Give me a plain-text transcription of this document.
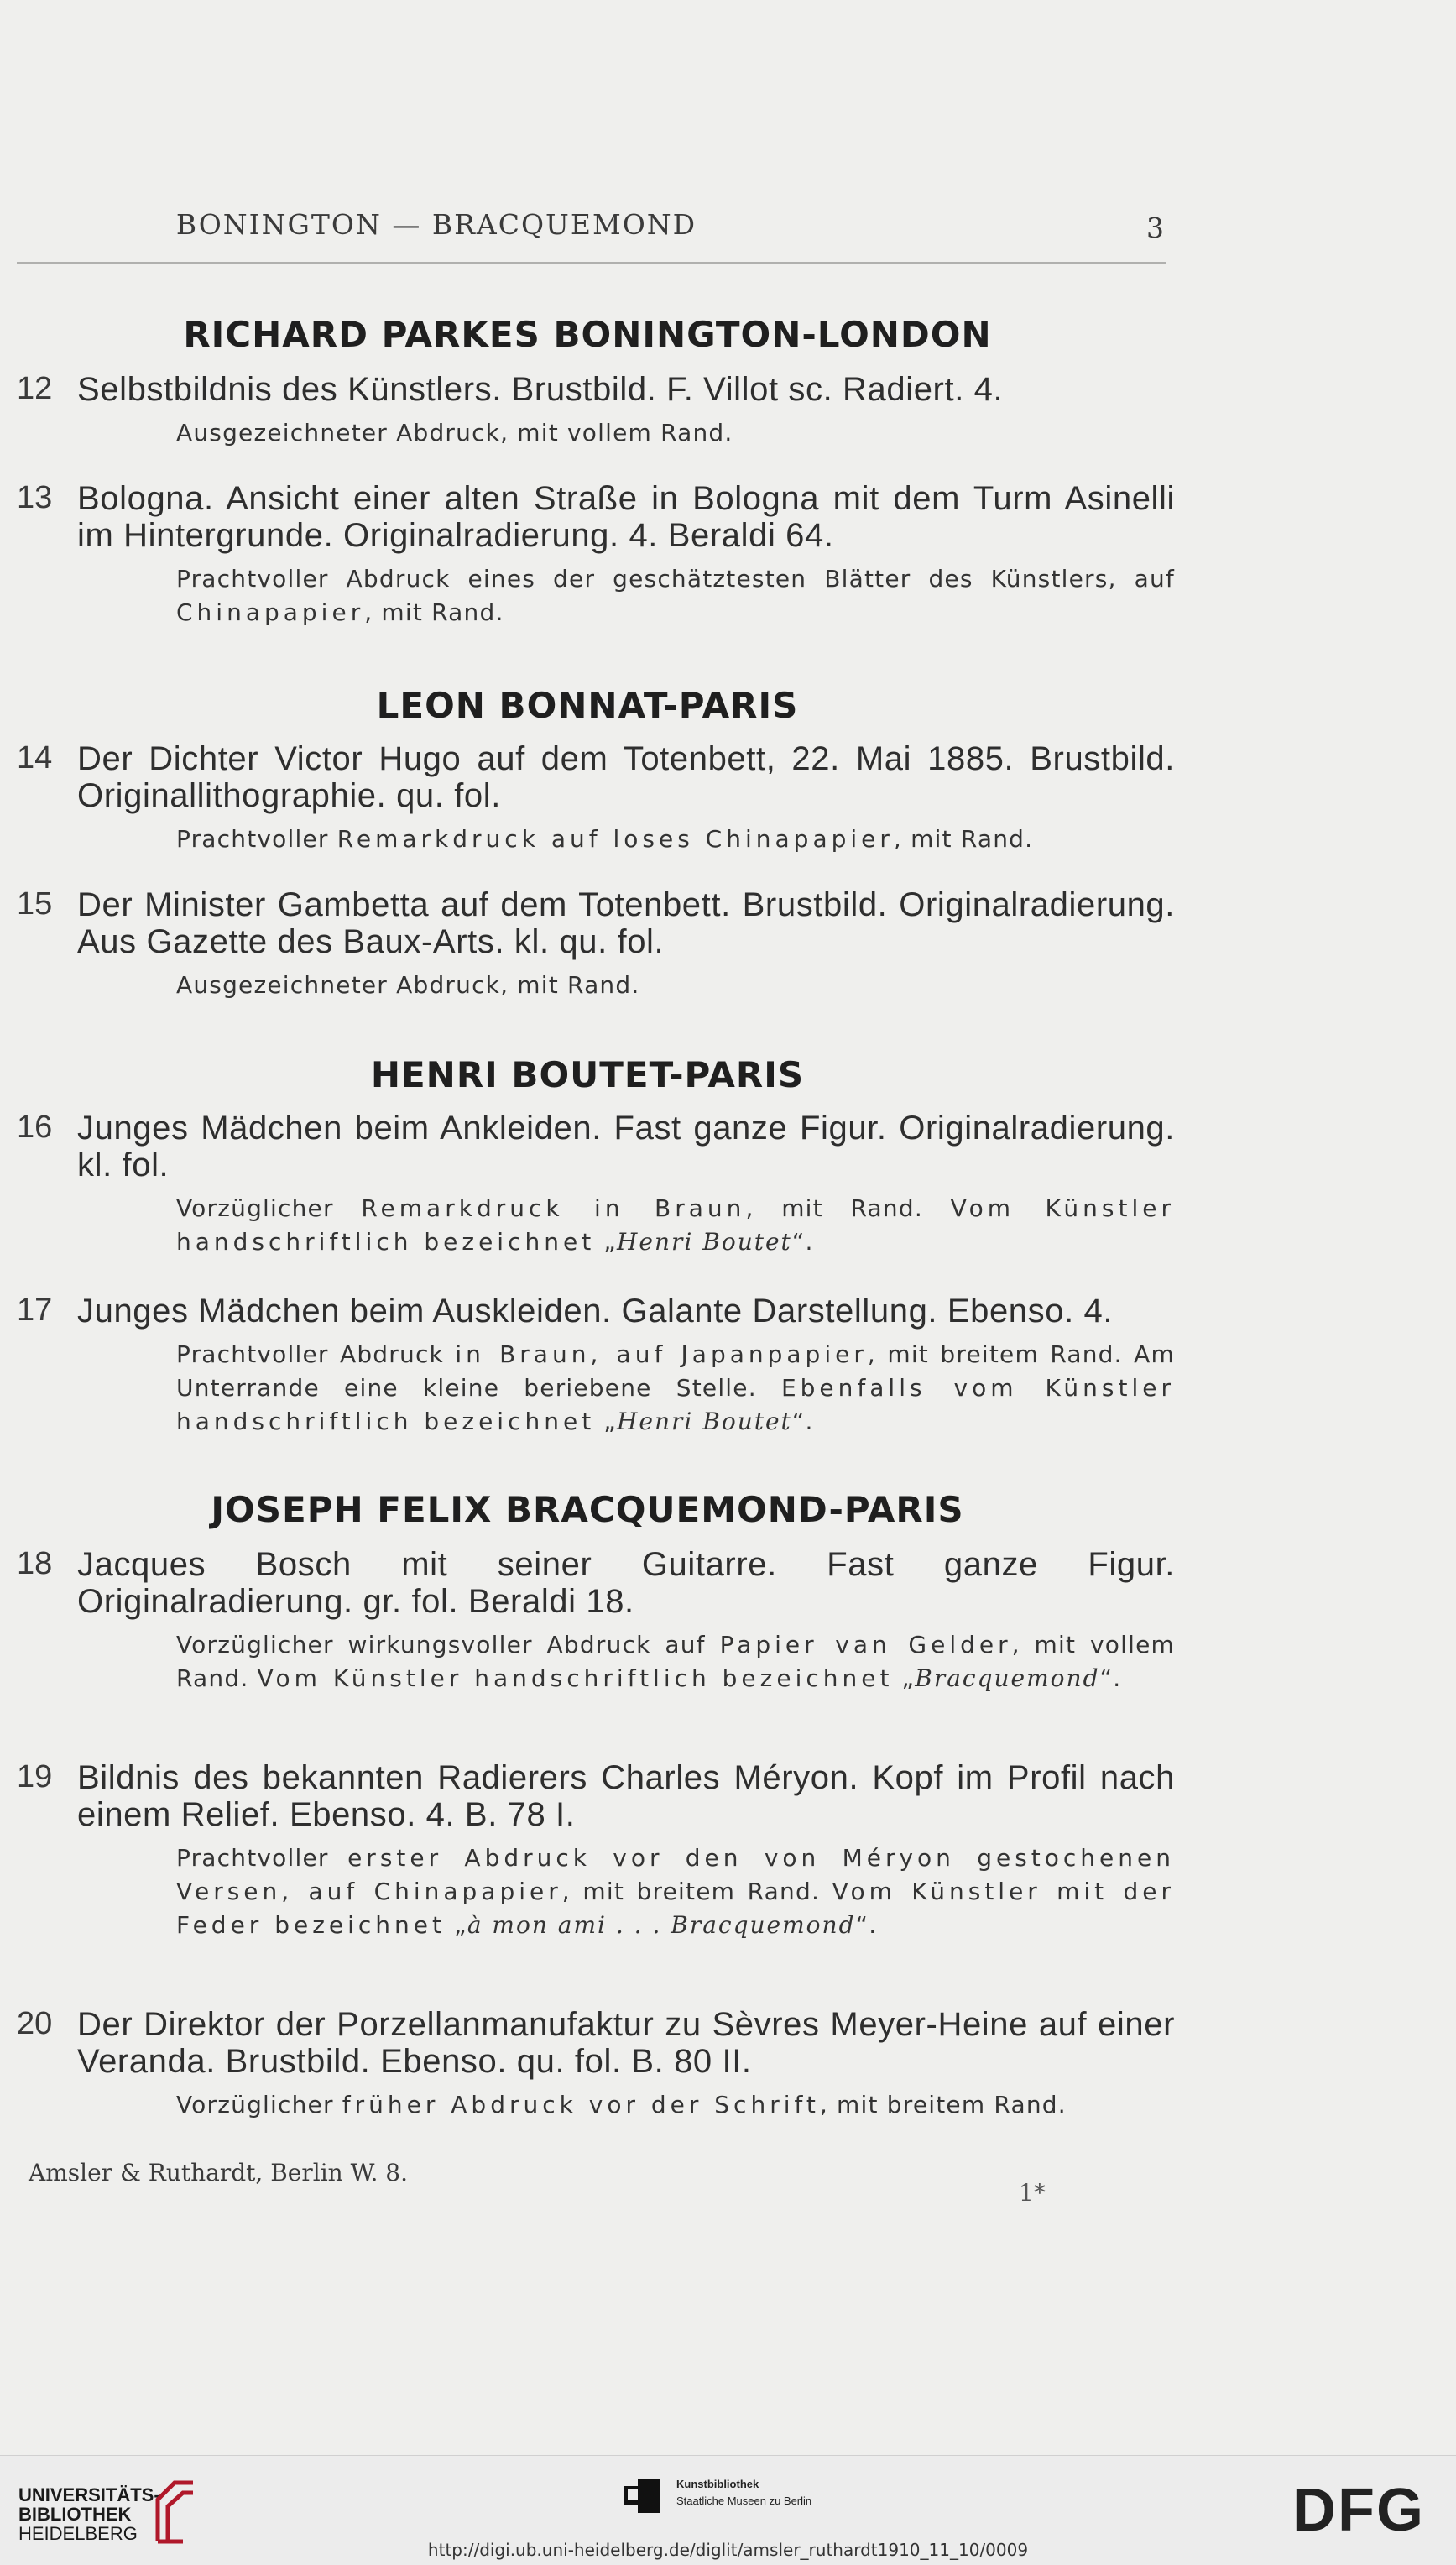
BONINGTON — BRACQUEMOND	3
RICHARD PARKES BONINGTON-LONDON
12 Selbstbildnis des Künstlers. Brustbild. F. Villot sc. Radiert. 4.
Ausgezeichneter Abdruck, mit vollem Rand.
13 Bologna. Ansicht einer alten Straße in Bologna mit dem Turm Asinelli im Hintergrunde. Originalradierung. 4. Beraldi 64.
Prachtvoller Abdruck eines der geschätztesten Blätter des Künstlers, auf Chinapapier, mit Rand.
LEON BONNAT-PARIS
14 Der Dichter Victor Hugo auf dem Totenbett, 22. Mai 1885. Brustbild. Originallithographie. qu. fol.
Prachtvoller Remarkdruck auf loses Chinapapier, mit Rand.
15 Der Minister Gambetta auf dem Totenbett. Brustbild. Originalradierung. Aus Gazette des Baux-Arts. kl. qu. fol.
Ausgezeichneter Abdruck, mit Rand.
HENRI BOUTET-PARIS
16 Junges Mädchen beim Ankleiden. Fast ganze Figur. Originalradierung. kl. fol.
Vorzüglicher Remarkdruck in Braun, mit Rand. Vom Künstler handschriftlich bezeichnet „Henri Boutet“.
17 Junges Mädchen beim Auskleiden. Galante Darstellung. Ebenso. 4.
Prachtvoller Abdruck in Braun, auf Japanpapier, mit breitem Rand. Am Unterrande eine kleine beriebene Stelle. Ebenfalls vom Künstler handschriftlich bezeichnet „Henri Boutet“.
JOSEPH FELIX BRACQUEMOND-PARIS
18 Jacques Bosch mit seiner Guitarre. Fast ganze Figur. Originalradierung. gr. fol. Beraldi 18.
Vorzüglicher wirkungsvoller Abdruck auf Papier van Gelder, mit vollem Rand. Vom Künstler handschriftlich bezeichnet „Bracquemond“.
19 Bildnis des bekannten Radierers Charles Méryon. Kopf im Profil nach einem Relief. Ebenso. 4. B. 78 I.
Prachtvoller erster Abdruck vor den von Méryon gestochenen Versen, auf Chinapapier, mit breitem Rand. Vom Künstler mit der Feder bezeichnet „à mon ami . . . Bracquemond“.
20 Der Direktor der Porzellanmanufaktur zu Sèvres Meyer-Heine auf einer Veranda. Brustbild. Ebenso. qu. fol. B. 80 II.
Vorzüglicher früher Abdruck vor der Schrift, mit breitem Rand.
Amsler & Ruthardt, Berlin W. 8.
1*
UNIVERSITÄTS-
BIBLIOTHEK
HEIDELBERG
Kunstbibliothek
Staatliche Museen zu Berlin	DFG
http://digi.ub.uni-heidelberg.de/diglit/amsler_ruthardt1910_11_10/0009
